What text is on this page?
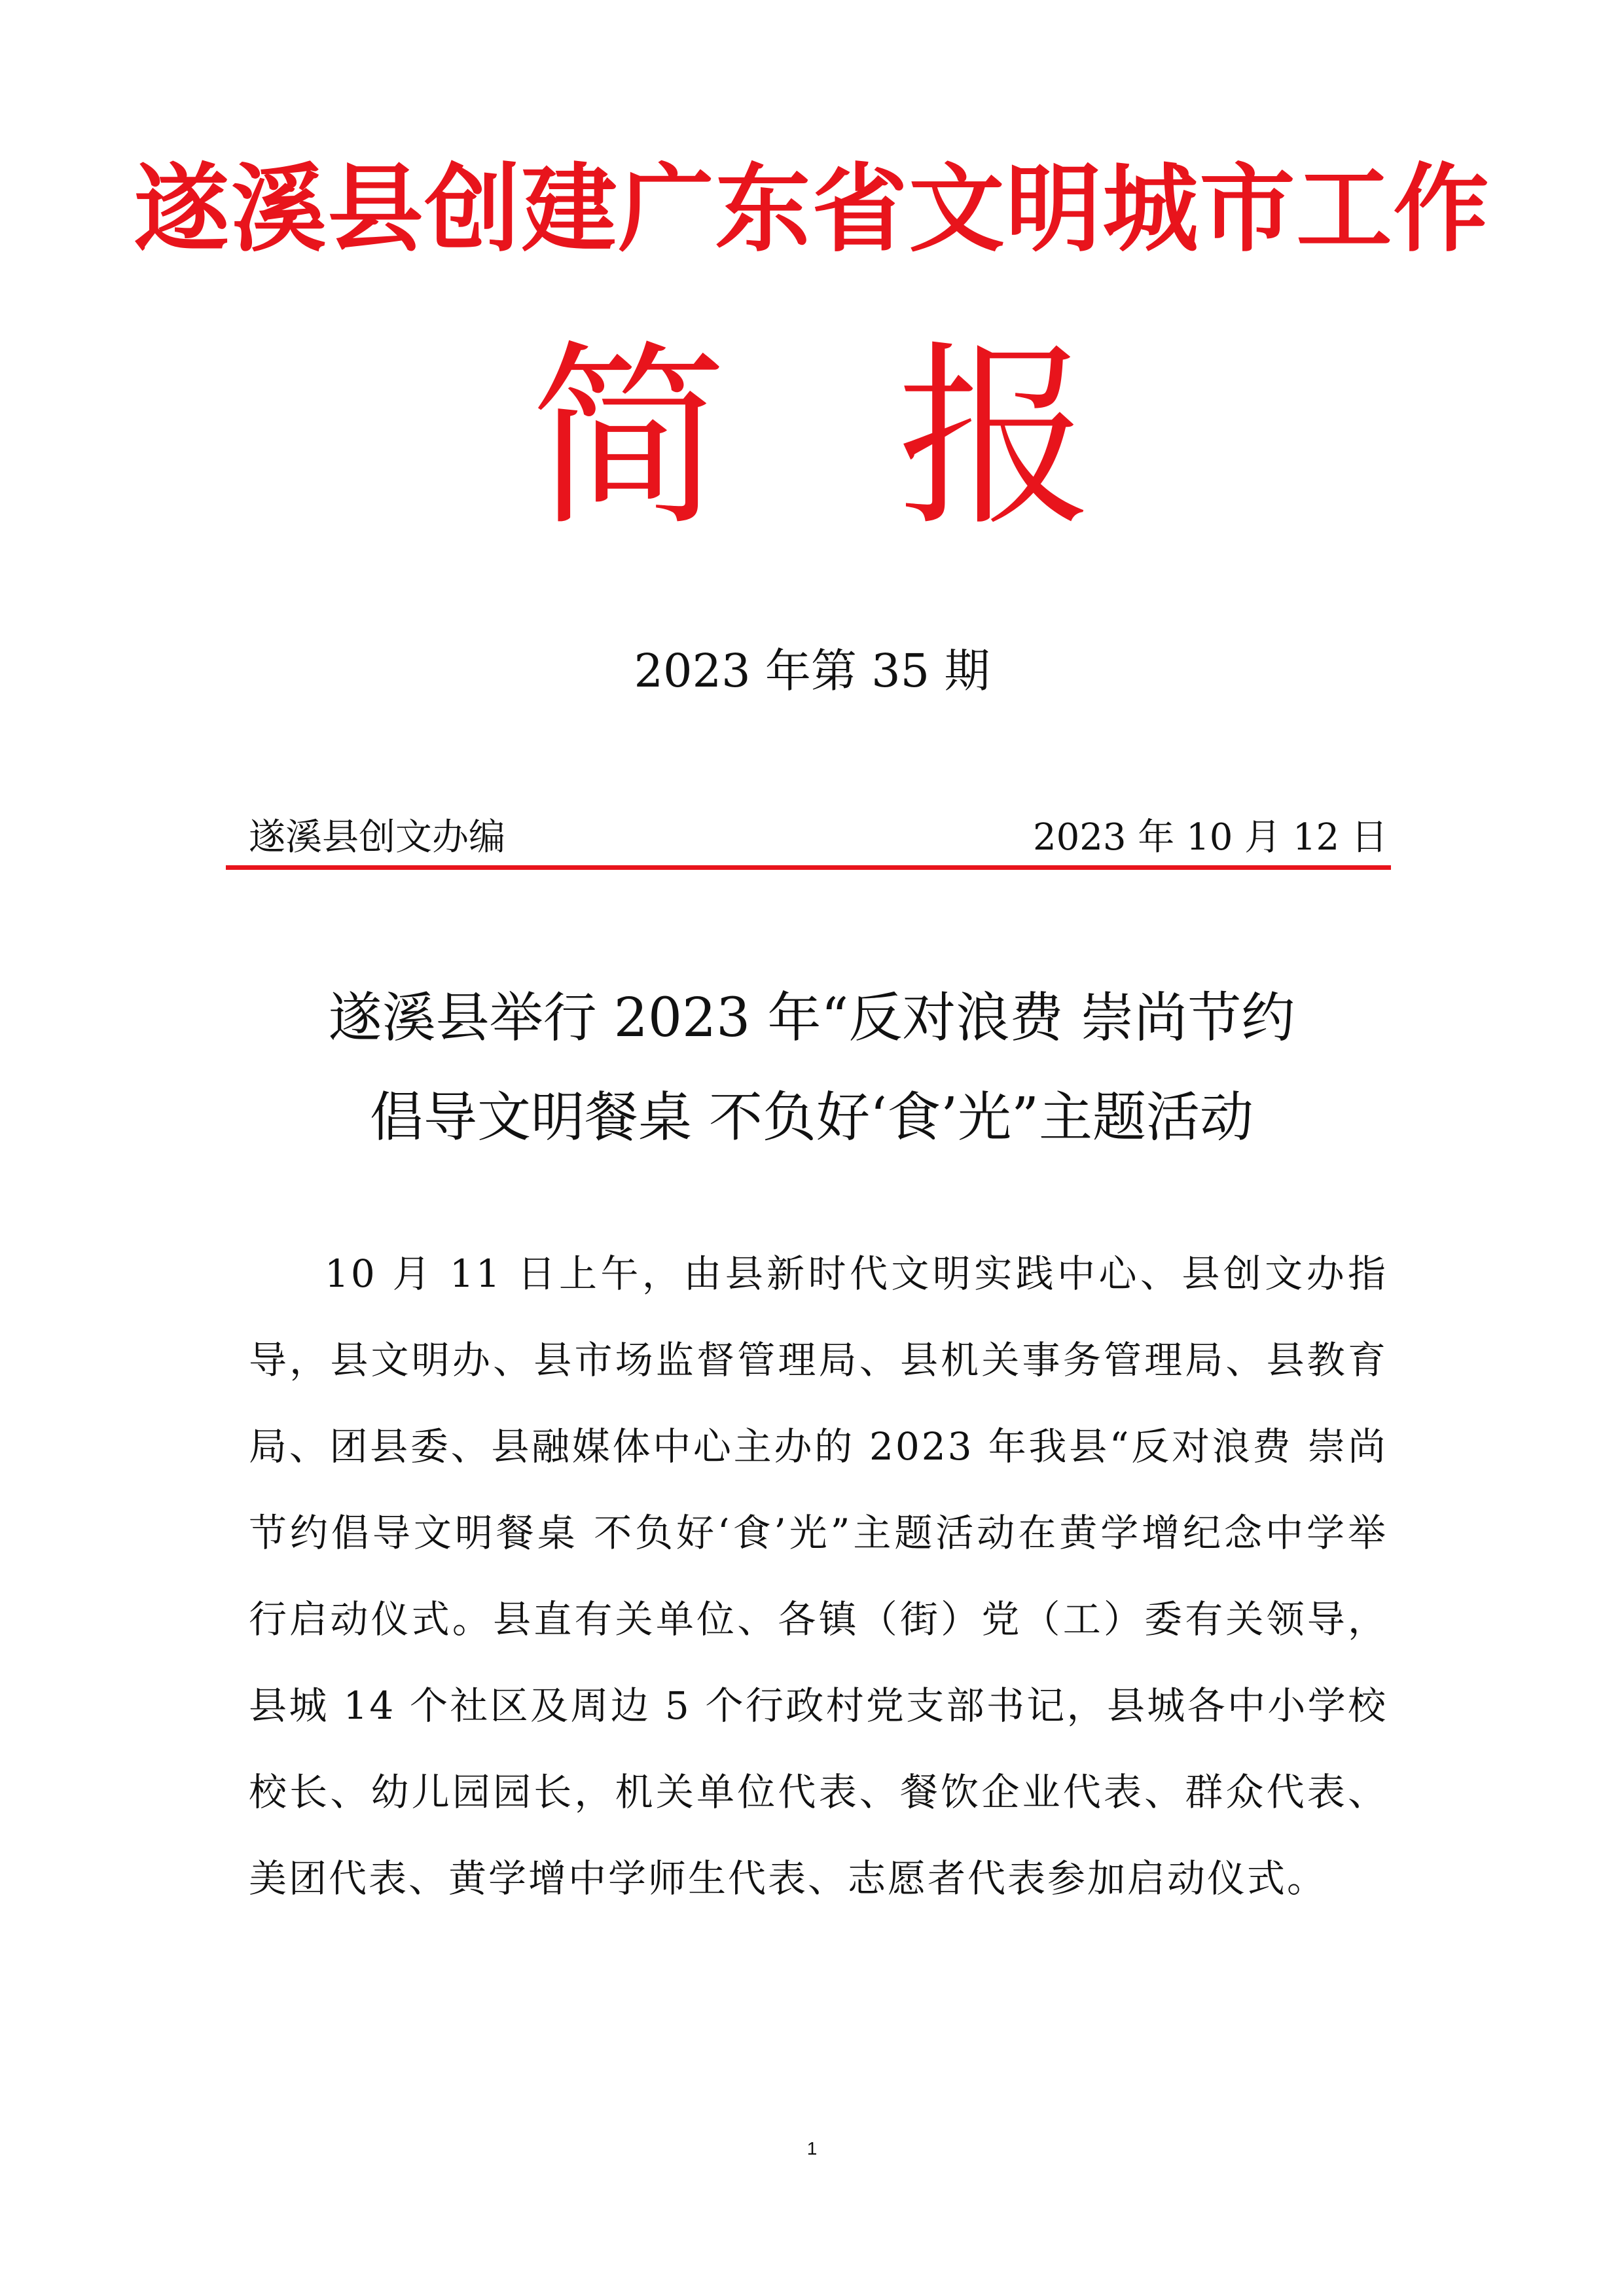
遂溪县创建广东省文明城市工作
简报
2023 年第 35 期
遂溪县创文办编	2023 年 10 月 12 日
遂溪县举行 2023 年“反对浪费 崇尚节约
倡导文明餐桌 不负好‘食’光”主题活动
10 月 11 日上午，由县新时代文明实践中心、县创文办指导，县文明办、县市场监督管理局、县机关事务管理局、县教育局、团县委、县融媒体中心主办的 2023 年我县“反对浪费 崇尚节约倡导文明餐桌 不负好‘食’光”主题活动在黄学增纪念中学举行启动仪式。县直有关单位、各镇（街）党（工）委有关领导，县城 14 个社区及周边 5 个行政村党支部书记，县城各中小学校校长、幼儿园园长，机关单位代表、餐饮企业代表、群众代表、美团代表、黄学增中学师生代表、志愿者代表参加启动仪式。
1
